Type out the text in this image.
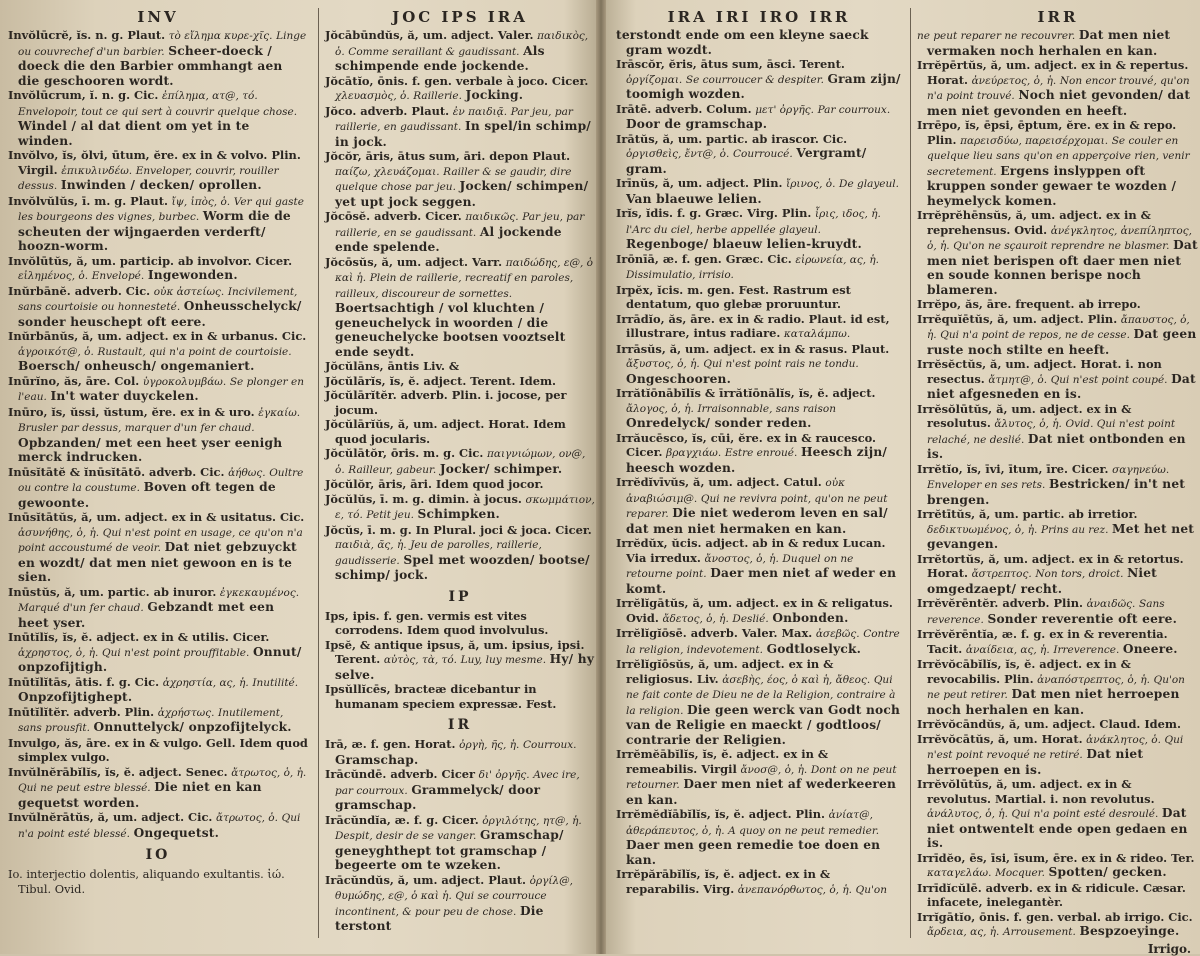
INV
Invŏlūcrĕ, ĭs. n. g. Plaut. τὸ εἴλημα κυρε-χῖς. Linge ou couvrechef d'un barbier. Scheer-doeck / doeck die den Barbier ommhangt aen die geschooren wordt.
Invŏlūcrum, ĭ. n. g. Cic. ἐπίλημα, ατ@, τό. Envelopoir, tout ce qui sert à couvrir quelque chose. Windel / al dat dient om yet in te winden.
Invŏlvo, ĭs, ŏlvi, ūtum, ĕre. ex in & volvo. Plin. Virgil. ἐπικυλινδέω. Enveloper, couvrir, rouiller dessus. Inwinden / decken/ oprollen.
Invŏlvŭlŭs, ī. m. g. Plaut. ἴψ, ἰπὸς, ὁ. Ver qui gaste les bourgeons des vignes, burbec. Worm die de scheuten der wijngaerden verderft/ hoozn-worm.
Invŏlūtŭs, ă, um. particip. ab involvor. Cicer. εἰλημένος, ὁ. Envelopé. Ingewonden.
Inŭrbānĕ. adverb. Cic. οὐκ ἀστείως. Incivilement, sans courtoisie ou honnesteté. Onheusschelyck/ sonder heuschept oft eere.
Inŭrbānŭs, ă, um. adject. ex in & urbanus. Cic. ἀγροικότ@, ὁ. Rustault, qui n'a point de courtoisie. Boersch/ onheusch/ ongemaniert.
Inūrĭno, ăs, āre. Col. ὑγροκολυμβάω. Se plonger en l'eau. In't water duyckelen.
Inūro, ĭs, ŭssi, ŭstum, ĕre. ex in & uro. ἐγκαίω. Brusler par dessus, marquer d'un fer chaud. Opbzanden/ met een heet yser eenigh merck indrucken.
Inūsĭtātĕ & ĭnūsĭtātō. adverb. Cic. ἀήθως. Oultre ou contre la coustume. Boven oft tegen de gewoonte.
Inūsĭtātŭs, ă, um. adject. ex in & usitatus. Cic. ἀσυνήθης, ὁ, ἡ. Qui n'est point en usage, ce qu'on n'a point accoustumé de veoir. Dat niet gebzuyckt en wozdt/ dat men niet gewoon en is te sien.
Inūstŭs, ă, um. partic. ab inuror. ἐγκεκαυμένος. Marqué d'un fer chaud. Gebzandt met een heet yser.
Inūtĭlĭs, ĭs, ĕ. adject. ex in & utilis. Cicer. ἀχρηστος, ὁ, ἡ. Qui n'est point prouffitable. Onnut/ onpzofijtigh.
Inūtĭlĭtās, ātis. f. g. Cic. ἀχρηστία, ας, ἡ. Inutilité. Onpzofijtighept.
Inūtĭlĭtĕr. adverb. Plin. ἀχρήστως. Inutilement, sans prousfit. Onnuttelyck/ onpzofijtelyck.
Invulgo, ăs, āre. ex in & vulgo. Gell. Idem quod simplex vulgo.
Invŭlnĕrābĭlĭs, ĭs, ĕ. adject. Senec. ἄτρωτος, ὁ, ἡ. Qui ne peut estre blessé. Die niet en kan gequetst worden.
Invŭlnĕrātŭs, ă, um. adject. Cic. ἄτρωτος, ὁ. Qui n'a point esté blessé. Ongequetst.
IO
Io. interjectio dolentis, aliquando exultantis. ἰώ. Tibul. Ovid.
JOC IPS IRA
Jŏcābūndŭs, ă, um. adject. Valer. παιδικὸς, ὁ. Comme seraillant & gaudissant. Als schimpende ende jockende.
Jŏcātĭo, ōnis. f. gen. verbale à joco. Cicer. χλευασμὸς, ὁ. Raillerie. Jocking.
Jŏco. adverb. Plaut. ἐν παιδιᾷ. Par jeu, par raillerie, en gaudissant. In spel/in schimp/ in jock.
Jŏcŏr, āris, ātus sum, āri. depon Plaut. παίζω, χλευάζομαι. Railler & se gaudir, dire quelque chose par jeu. Jocken/ schimpen/ yet upt jock seggen.
Jŏcōsĕ. adverb. Cicer. παιδικῶς. Par jeu, par raillerie, en se gaudissant. Al jockende ende spelende.
Jŏcōsŭs, ă, um. adject. Varr. παιδώδης, ε@, ὁ καὶ ἡ. Plein de raillerie, recreatif en paroles, railleux, discoureur de sornettes. Boertsachtigh / vol kluchten / geneuchelyck in woorden / die geneuchelycke bootsen vooztselt ende seydt.
Jŏcŭlāns, āntis Liv. &
Jŏcŭlārĭs, ĭs, ĕ. adject. Terent. Idem.
Jŏcŭlārĭtĕr. adverb. Plin. i. jocose, per jocum.
Jŏcŭlārĭŭs, ă, um. adject. Horat. Idem quod jocularis.
Jŏcŭlātŏr, ōris. m. g. Cic. παιγνιώμων, ον@, ὁ. Railleur, gabeur. Jocker/ schimper.
Jŏcŭlŏr, āris, āri. Idem quod jocor.
Jŏcŭlŭs, ī. m. g. dimin. à jocus. σκωμμάτιον, ε, τό. Petit jeu. Schimpken.
Jŏcŭs, ī. m. g. In Plural. joci & joca. Cicer. παιδιὰ, ᾶς, ἡ. Jeu de parolles, raillerie, gaudisserie. Spel met woozden/ bootse/ schimp/ jock.
IP
Ips, ipis. f. gen. vermis est vites corrodens. Idem quod involvulus.
Ipsĕ, & antique ipsus, ă, um. ipsius, ipsi. Terent. αὐτὸς, τὰ, τό. Luy, luy mesme. Hy/ hy selve.
Ipsŭllĭcēs, bracteæ dicebantur in humanam speciem expressæ. Fest.
IR
Irā, æ. f. gen. Horat. ὀργὴ, ῆς, ἡ. Courroux. Gramschap.
Irācŭndē. adverb. Cicer δι' ὀργῆς. Avec ire, par courroux. Grammelyck/ door gramschap.
Irācŭndĭa, æ. f. g. Cicer. ὀργιλότης, ητ@, ἡ. Despit, desir de se vanger. Gramschap/ geneyghthept tot gramschap / begeerte om te wzeken.
Irācŭndŭs, ă, um. adject. Plaut. ὀργίλ@, θυμώδης, ε@, ὁ καὶ ἡ. Qui se courrouce incontinent, & pour peu de chose. Die terstont
IRA IRI IRO IRR
terstondt ende om een kleyne saeck gram wozdt.
Irāscŏr, ĕris, ātus sum, āsci. Terent. ὀργίζομαι. Se courroucer & despiter. Gram zijn/ toomigh wozden.
Irātē. adverb. Colum. μετ' ὀργῆς. Par courroux. Door de gramschap.
Irātŭs, ă, um. partic. ab irascor. Cic. ὀργισθεὶς, ἔντ@, ὁ. Courroucé. Vergramt/ gram.
Irīnŭs, ă, um. adject. Plin. ἴρινος, ὁ. De glayeul. Van blaeuwe lelien.
Irĭs, ĭdis. f. g. Græc. Virg. Plin. ἶρις, ιδος, ἡ. l'Arc du ciel, herbe appellée glayeul. Regenboge/ blaeuw lelien-kruydt.
Irōnīā, æ. f. gen. Græc. Cic. εἰρωνεία, ας, ἡ. Dissimulatio, irrisio.
Irpĕx, ĭcis. m. gen. Fest. Rastrum est dentatum, quo glebæ proruuntur.
Irrādĭo, ăs, āre. ex in & radio. Plaut. id est, illustrare, intus radiare. καταλάμπω.
Irrāsŭs, ă, um. adject. ex in & rasus. Plaut. ἄξυστος, ὁ, ἡ. Qui n'est point rais ne tondu. Ongeschooren.
Irrătĭōnābĭlĭs & īrrătĭōnālĭs, ĭs, ĕ. adject. ἄλογος, ὁ, ἡ. Irraisonnable, sans raison Onredelyck/ sonder reden.
Irrăucēsco, ĭs, cūi, ĕre. ex in & raucesco. Cicer. βραγχιάω. Estre enroué. Heesch zijn/ heesch wozden.
Irrĕdĭvīvŭs, ă, um. adject. Catul. οὐκ ἀναβιώσιμ@. Qui ne revivra point, qu'on ne peut reparer. Die niet wederom leven en sal/ dat men niet hermaken en kan.
Irrĕdŭx, ŭcis. adject. ab in & redux Lucan. Via irredux. ἄνοστος, ὁ, ἡ. Duquel on ne retourne point. Daer men niet af weder en komt.
Irrĕlĭgātŭs, ă, um. adject. ex in & religatus. Ovid. ἄδετος, ὁ, ἡ. Deslié. Onbonden.
Irrĕlĭgĭōsē. adverb. Valer. Max. ἀσεβῶς. Contre la religion, indevotement. Godtloselyck.
Irrĕlĭgĭōsŭs, ă, um. adject. ex in & religiosus. Liv. ἀσεβὴς, έος, ὁ καὶ ἡ, ἄθεος. Qui ne fait conte de Dieu ne de la Religion, contraire à la religion. Die geen werck van Godt noch van de Religie en maeckt / godtloos/ contrarie der Religien.
Irrĕmĕābĭlĭs, ĭs, ĕ. adject. ex in & remeabilis. Virgil ἄνοσ@, ὁ, ἡ. Dont on ne peut retourner. Daer men niet af wederkeeren en kan.
Irrĕmĕdĭābĭlĭs, ĭs, ĕ. adject. Plin. ἀνίατ@, ἀθεράπευτος, ὁ, ἡ. A quoy on ne peut remedier. Daer men geen remedie toe doen en kan.
Irrĕpărābĭlĭs, ĭs, ĕ. adject. ex in & reparabilis. Virg. ἀνεπανόρθωτος, ὁ, ἡ. Qu'on
IRR
ne peut reparer ne recouvrer. Dat men niet vermaken noch herhalen en kan.
Irrĕpērtŭs, ă, um. adject. ex in & repertus. Horat. ἀνεύρετος, ὁ, ἡ. Non encor trouvé, qu'on n'a point trouvé. Noch niet gevonden/ dat men niet gevonden en heeft.
Irrēpo, ĭs, ēpsi, ēptum, ĕre. ex in & repo. Plin. παρεισδύω, παρεισέρχομαι. Se couler en quelque lieu sans qu'on en apperçoive rien, venir secretement. Ergens inslyppen oft kruppen sonder gewaer te wozden / heymelyck komen.
Irrĕprĕhēnsŭs, ă, um. adject. ex in & reprehensus. Ovid. ἀνέγκλητος, ἀνεπίληπτος, ὁ, ἡ. Qu'on ne sçauroit reprendre ne blasmer. Dat men niet berispen oft daer men niet en soude konnen berispe noch blameren.
Irrĕpo, ăs, āre. frequent. ab irrepo.
Irrĕquĭētŭs, ă, um. adject. Plin. ἄπαυστος, ὁ, ἡ. Qui n'a point de repos, ne de cesse. Dat geen ruste noch stilte en heeft.
Irrĕsĕctŭs, ă, um. adject. Horat. i. non resectus. ἄτμητ@, ὁ. Qui n'est point coupé. Dat niet afgesneden en is.
Irrĕsŏlūtŭs, ă, um. adject. ex in & resolutus. ἄλυτος, ὁ, ἡ. Ovid. Qui n'est point relaché, ne deslié. Dat niet ontbonden en is.
Irrĕtĭo, ĭs, īvi, ītum, īre. Cicer. σαγηνεύω. Enveloper en ses rets. Bestricken/ in't net brengen.
Irrĕtītŭs, ă, um. partic. ab irretior. δεδικτυωμένος, ὁ, ἡ. Prins au rez. Met het net gevangen.
Irrĕtortŭs, ă, um. adject. ex in & retortus. Horat. ἄστρεπτος. Non tors, droict. Niet omgedzaept/ recht.
Irrĕvĕrēntĕr. adverb. Plin. ἀναιδῶς. Sans reverence. Sonder reverentie oft eere.
Irrĕvĕrēntĭa, æ. f. g. ex in & reverentia. Tacit. ἀναίδεια, ας, ἡ. Irreverence. Oneere.
Irrĕvŏcābĭlĭs, ĭs, ĕ. adject. ex in & revocabilis. Plin. ἀναπόστρεπτος, ὁ, ἡ. Qu'on ne peut retirer. Dat men niet herroepen noch herhalen en kan.
Irrĕvŏcāndŭs, ă, um. adject. Claud. Idem.
Irrĕvŏcātŭs, ă, um. Horat. ἀνάκλητος, ὁ. Qui n'est point revoqué ne retiré. Dat niet herroepen en is.
Irrĕvŏlūtŭs, ă, um. adject. ex in & revolutus. Martial. i. non revolutus. ἀνάλυτος, ὁ, ἡ. Qui n'a point esté desroulé. Dat niet ontwentelt ende open gedaen en is.
Irrīdĕo, ēs, īsi, īsum, ēre. ex in & rideo. Ter. καταγελάω. Mocquer. Spotten/ gecken.
Irrīdĭcŭlē. adverb. ex in & ridicule. Cæsar. infacete, inelegantèr.
Irrĭgātĭo, ōnis. f. gen. verbal. ab irrigo. Cic. ἄρδεια, ας, ἡ. Arrousement. Bespzoeyinge.
Irrigo.
